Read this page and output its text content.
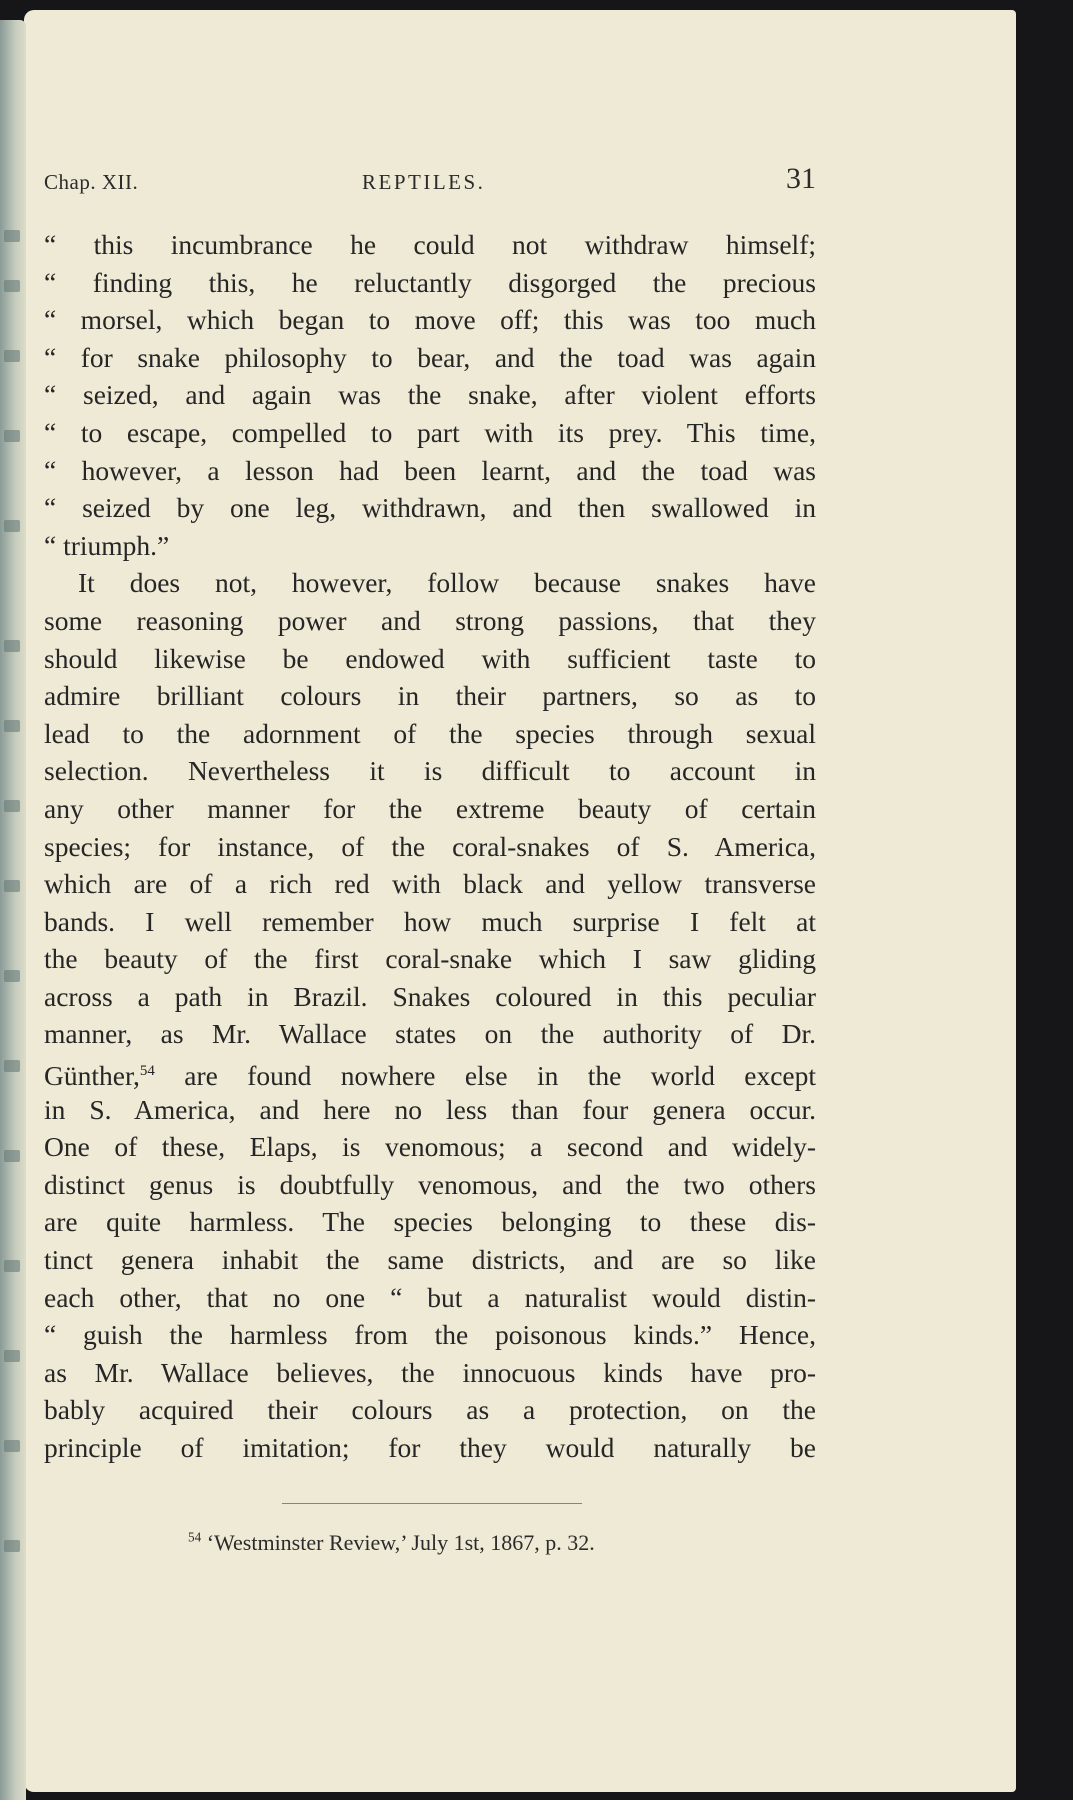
Chap. XII.	REPTILES.	31
“ this incumbrance he could not withdraw himself;
“ finding this, he reluctantly disgorged the precious
“ morsel, which began to move off; this was too much
“ for snake philosophy to bear, and the toad was again
“ seized, and again was the snake, after violent efforts
“ to escape, compelled to part with its prey. This time,
“ however, a lesson had been learnt, and the toad was
“ seized by one leg, withdrawn, and then swallowed in
“ triumph.”
It does not, however, follow because snakes have
some reasoning power and strong passions, that they
should likewise be endowed with sufficient taste to
admire brilliant colours in their partners, so as to
lead to the adornment of the species through sexual
selection. Nevertheless it is difficult to account in
any other manner for the extreme beauty of certain
species; for instance, of the coral-snakes of S. America,
which are of a rich red with black and yellow transverse
bands. I well remember how much surprise I felt at
the beauty of the first coral-snake which I saw gliding
across a path in Brazil. Snakes coloured in this peculiar
manner, as Mr. Wallace states on the authority of Dr.
Günther,$^{54}$ are found nowhere else in the world except
in S. America, and here no less than four genera occur.
One of these, Elaps, is venomous; a second and widely-
distinct genus is doubtfully venomous, and the two others
are quite harmless. The species belonging to these dis-
tinct genera inhabit the same districts, and are so like
each other, that no one “ but a naturalist would distin-
“ guish the harmless from the poisonous kinds.” Hence,
as Mr. Wallace believes, the innocuous kinds have pro-
bably acquired their colours as a protection, on the
principle of imitation; for they would naturally be
$^{54}$ ‘Westminster Review,’ July 1st, 1867, p. 32.
